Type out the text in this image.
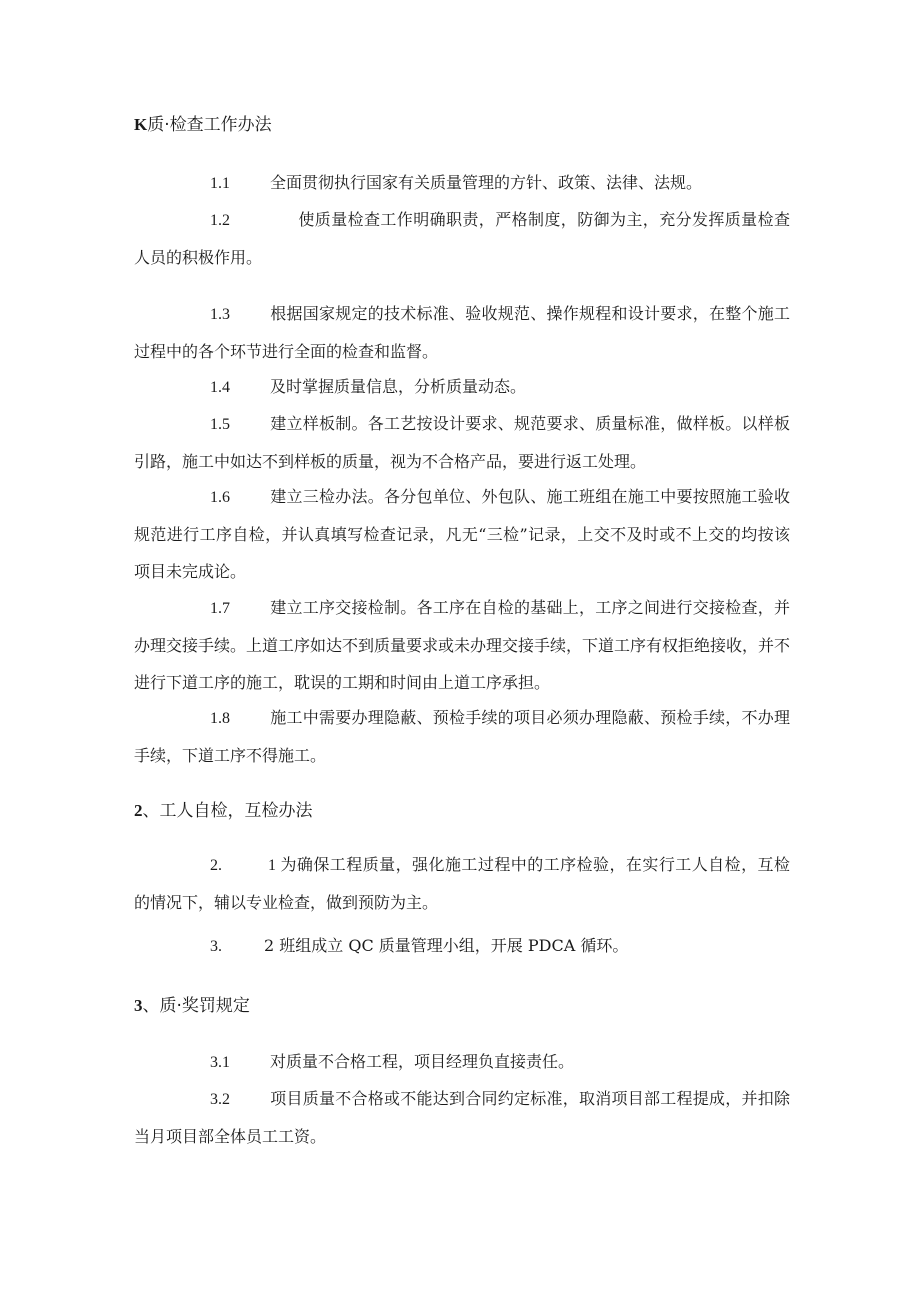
K质·检查工作办法
1.1	全面贯彻执行国家有关质量管理的方针、政策、法律、法规。
1.2	使质量检查工作明确职责，严格制度，防御为主，充分发挥质量检查人员的积极作用。
1.3	根据国家规定的技术标准、验收规范、操作规程和设计要求，在整个施工过程中的各个环节进行全面的检查和监督。
1.4	及时掌握质量信息，分析质量动态。
1.5	建立样板制。各工艺按设计要求、规范要求、质量标准，做样板。以样板引路，施工中如达不到样板的质量，视为不合格产品，要进行返工处理。
1.6	建立三检办法。各分包单位、外包队、施工班组在施工中要按照施工验收规范进行工序自检，并认真填写检查记录，凡无“三检”记录，上交不及时或不上交的均按该项目未完成论。
1.7	建立工序交接检制。各工序在自检的基础上，工序之间进行交接检查，并办理交接手续。上道工序如达不到质量要求或未办理交接手续，下道工序有权拒绝接收，并不进行下道工序的施工，耽误的工期和时间由上道工序承担。
1.8	施工中需要办理隐蔽、预检手续的项目必须办理隐蔽、预检手续，不办理手续，下道工序不得施工。
2、工人自检，互检办法
2.	1 为确保工程质量，强化施工过程中的工序检验，在实行工人自检，互检的情况下，辅以专业检查，做到预防为主。
3.	2 班组成立 QC 质量管理小组，开展 PDCA 循环。
3、质·奖罚规定
3.1	对质量不合格工程，项目经理负直接责任。
3.2	项目质量不合格或不能达到合同约定标准，取消项目部工程提成，并扣除当月项目部全体员工工资。
